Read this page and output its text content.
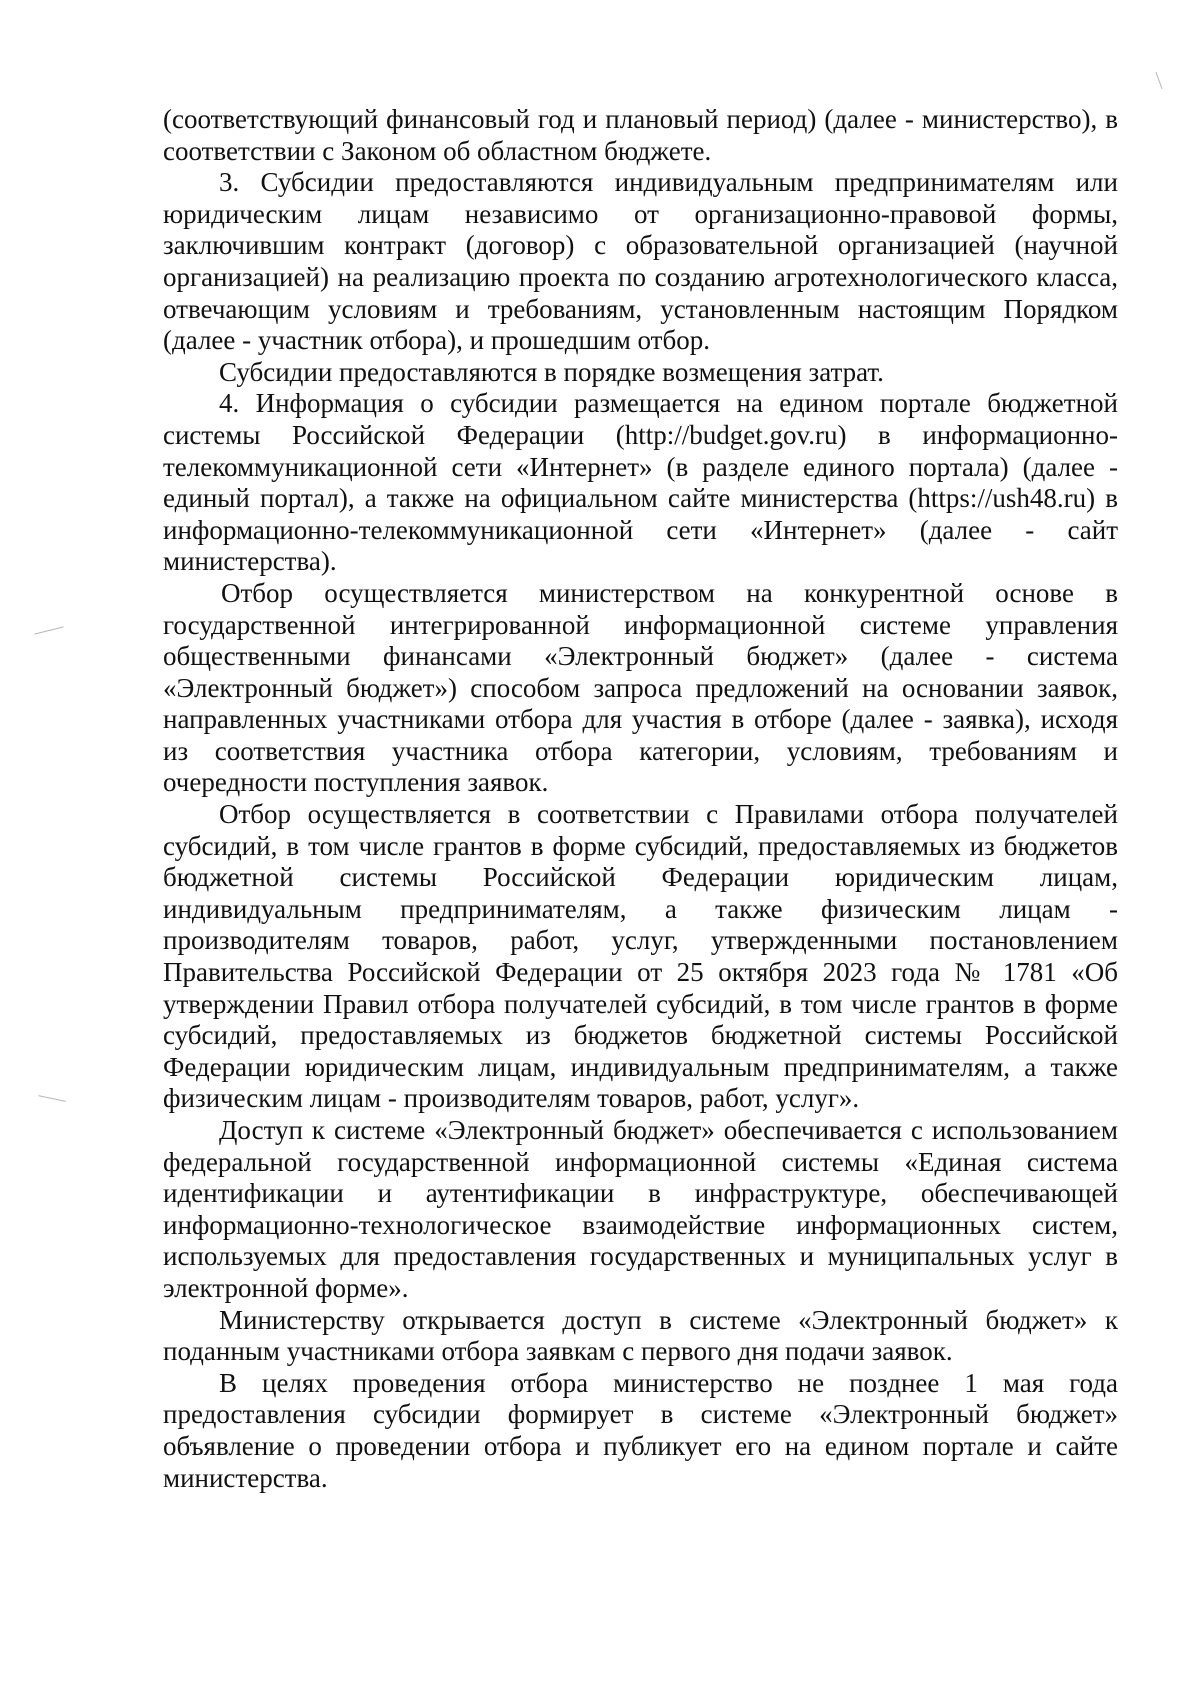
(соответствующий финансовый год и плановый период) (далее - министерство), в соответствии с Законом об областном бюджете.

3. Субсидии предоставляются индивидуальным предпринимателям или юридическим лицам независимо от организационно-правовой формы, заключившим контракт (договор) с образовательной организацией (научной организацией) на реализацию проекта по созданию агротехнологического класса, отвечающим условиям и требованиям, установленным настоящим Порядком (далее - участник отбора), и прошедшим отбор.

Субсидии предоставляются в порядке возмещения затрат.

4. Информация о субсидии размещается на едином портале бюджетной системы Российской Федерации (http://budget.gov.ru) в информационно-телекоммуникационной сети «Интернет» (в разделе единого портала) (далее - единый портал), а также на официальном сайте министерства (https://ush48.ru) в информационно-телекоммуникационной сети «Интернет» (далее - сайт министерства).

Отбор осуществляется министерством на конкурентной основе в государственной интегрированной информационной системе управления общественными финансами «Электронный бюджет» (далее - система «Электронный бюджет») способом запроса предложений на основании заявок, направленных участниками отбора для участия в отборе (далее - заявка), исходя из соответствия участника отбора категории, условиям, требованиям и очередности поступления заявок.

Отбор осуществляется в соответствии с Правилами отбора получателей субсидий, в том числе грантов в форме субсидий, предоставляемых из бюджетов бюджетной системы Российской Федерации юридическим лицам, индивидуальным предпринимателям, а также физическим лицам - производителям товаров, работ, услуг, утвержденными постановлением Правительства Российской Федерации от 25 октября 2023 года № 1781 «Об утверждении Правил отбора получателей субсидий, в том числе грантов в форме субсидий, предоставляемых из бюджетов бюджетной системы Российской Федерации юридическим лицам, индивидуальным предпринимателям, а также физическим лицам - производителям товаров, работ, услуг».

Доступ к системе «Электронный бюджет» обеспечивается с использованием федеральной государственной информационной системы «Единая система идентификации и аутентификации в инфраструктуре, обеспечивающей информационно-технологическое взаимодействие информационных систем, используемых для предоставления государственных и муниципальных услуг в электронной форме».

Министерству открывается доступ в системе «Электронный бюджет» к поданным участниками отбора заявкам с первого дня подачи заявок.

В целях проведения отбора министерство не позднее 1 мая года предоставления субсидии формирует в системе «Электронный бюджет» объявление о проведении отбора и публикует его на едином портале и сайте министерства.
